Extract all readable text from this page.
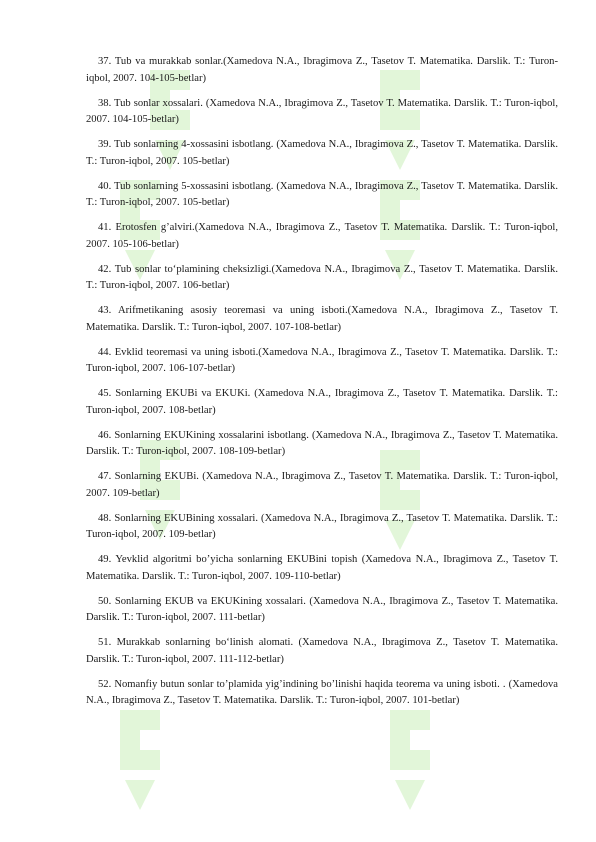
37. Tub va murakkab sonlar.(Xamedova N.A., Ibragimova Z., Tasetov T. Matematika. Darslik. T.: Turon-iqbol, 2007. 104-105-betlar)

38. Tub sonlar xossalari. (Xamedova N.A., Ibragimova Z., Tasetov T. Matematika. Darslik. T.: Turon-iqbol, 2007. 104-105-betlar)

39. Tub sonlarning 4-xossasini isbotlang. (Xamedova N.A., Ibragimova Z., Tasetov T. Matematika. Darslik. T.: Turon-iqbol, 2007. 105-betlar)

40. Tub sonlarning 5-xossasini isbotlang. (Xamedova N.A., Ibragimova Z., Tasetov T. Matematika. Darslik. T.: Turon-iqbol, 2007. 105-betlar)

41. Erotosfen g’alviri.(Xamedova N.A., Ibragimova Z., Tasetov T. Matematika. Darslik. T.: Turon-iqbol, 2007. 105-106-betlar)

42. Tub sonlar to‘plamining cheksizligi.(Xamedova N.A., Ibragimova Z., Tasetov T. Matematika. Darslik. T.: Turon-iqbol, 2007. 106-betlar)

43. Arifmetikaning asosiy teoremasi va uning isboti.(Xamedova N.A., Ibragimova Z., Tasetov T. Matematika. Darslik. T.: Turon-iqbol, 2007. 107-108-betlar)

44. Evklid teoremasi va uning isboti.(Xamedova N.A., Ibragimova Z., Tasetov T. Matematika. Darslik. T.: Turon-iqbol, 2007. 106-107-betlar)

45. Sonlarning EKUBi va EKUKi. (Xamedova N.A., Ibragimova Z., Tasetov T. Matematika. Darslik. T.: Turon-iqbol, 2007. 108-betlar)

46. Sonlarning EKUKining xossalarini isbotlang. (Xamedova N.A., Ibragimova Z., Tasetov T. Matematika. Darslik. T.: Turon-iqbol, 2007. 108-109-betlar)

47. Sonlarning EKUBi. (Xamedova N.A., Ibragimova Z., Tasetov T. Matematika. Darslik. T.: Turon-iqbol, 2007. 109-betlar)

48. Sonlarning EKUBining xossalari. (Xamedova N.A., Ibragimova Z., Tasetov T. Matematika. Darslik. T.: Turon-iqbol, 2007. 109-betlar)

49. Yevklid algoritmi bo’yicha sonlarning EKUBini topish (Xamedova N.A., Ibragimova Z., Tasetov T. Matematika. Darslik. T.: Turon-iqbol, 2007. 109-110-betlar)

50. Sonlarning EKUB va EKUKining xossalari. (Xamedova N.A., Ibragimova Z., Tasetov T. Matematika. Darslik. T.: Turon-iqbol, 2007. 111-betlar)

51. Murakkab sonlarning bo‘linish alomati. (Xamedova N.A., Ibragimova Z., Tasetov T. Matematika. Darslik. T.: Turon-iqbol, 2007. 111-112-betlar)

52. Nomanfiy butun sonlar to’plamida yig’indining bo’linishi haqida teorema va uning isboti. . (Xamedova N.A., Ibragimova Z., Tasetov T. Matematika. Darslik. T.: Turon-iqbol, 2007. 101-betlar)
